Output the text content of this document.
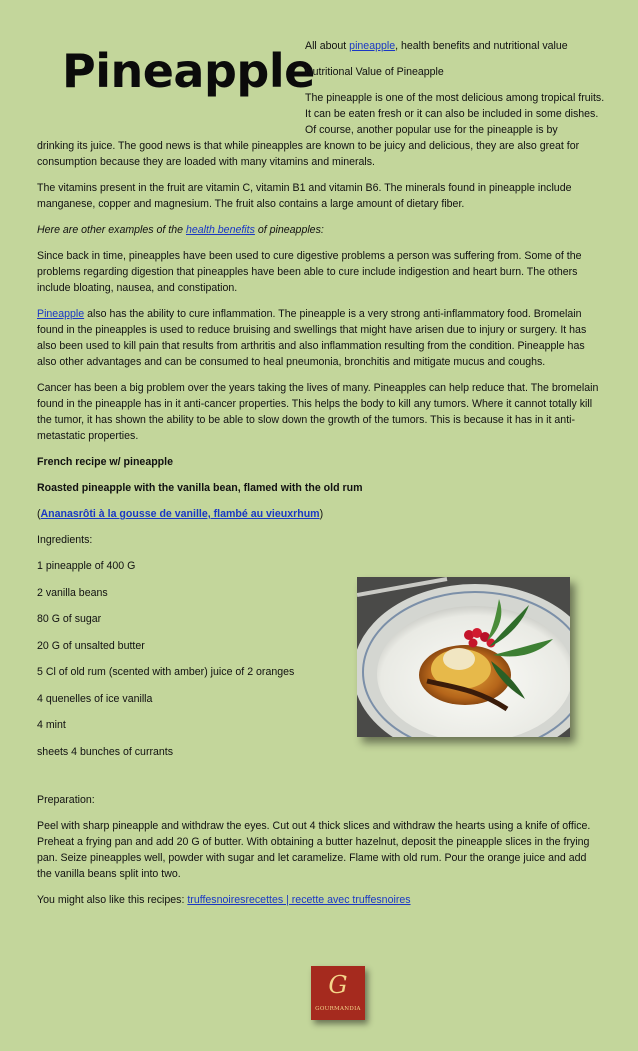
Pineapple

All about pineapple, health benefits and nutritional value

Nutritional Value of Pineapple

The pineapple is one of the most delicious among tropical fruits. It can be eaten fresh or it can also be included in some dishes. Of course, another popular use for the pineapple is by

drinking its juice. The good news is that while pineapples are known to be juicy and delicious, they are also great for consumption because they are loaded with many vitamins and minerals.

The vitamins present in the fruit are vitamin C, vitamin B1 and vitamin B6. The minerals found in pineapple include manganese, copper and magnesium. The fruit also contains a large amount of dietary fiber.

Here are other examples of the health benefits of pineapples:

Since back in time, pineapples have been used to cure digestive problems a person was suffering from. Some of the problems regarding digestion that pineapples have been able to cure include indigestion and heart burn. The others include bloating, nausea, and constipation.

Pineapple also has the ability to cure inflammation. The pineapple is a very strong anti-inflammatory food. Bromelain found in the pineapples is used to reduce bruising and swellings that might have arisen due to injury or surgery. It has also been used to kill pain that results from arthritis and also inflammation resulting from the condition. Pineapple has also other advantages and can be consumed to heal pneumonia, bronchitis and mitigate mucus and coughs.

Cancer has been a big problem over the years taking the lives of many. Pineapples can help reduce that. The bromelain found in the pineapple has in it anti-cancer properties. This helps the body to kill any tumors. Where it cannot totally kill the tumor, it has shown the ability to be able to slow down the growth of the tumors. This is because it has in it anti-metastatic properties.

French recipe w/ pineapple

Roasted pineapple with the vanilla bean, flamed with the old rum

(Ananasrôti à la gousse de vanille, flambé au vieuxrhum)

Ingredients:

1 pineapple of 400 G

2 vanilla beans

80 G of sugar

20 G of unsalted butter

5 Cl of old rum (scented with amber) juice of 2 oranges

4 quenelles of ice vanilla

4 mint

sheets 4 bunches of currants

Preparation:

Peel with sharp pineapple and withdraw the eyes. Cut out 4 thick slices and withdraw the hearts using a knife of office. Preheat a frying pan and add 20 G of butter. With obtaining a butter hazelnut, deposit the pineapple slices in the frying pan. Seize pineapples well, powder with sugar and let caramelize. Flame with old rum. Pour the orange juice and add the vanilla beans split into two.

You might also like this recipes: truffesnoiresrecettes | recette avec truffesnoires

G
GOURMANDIA
